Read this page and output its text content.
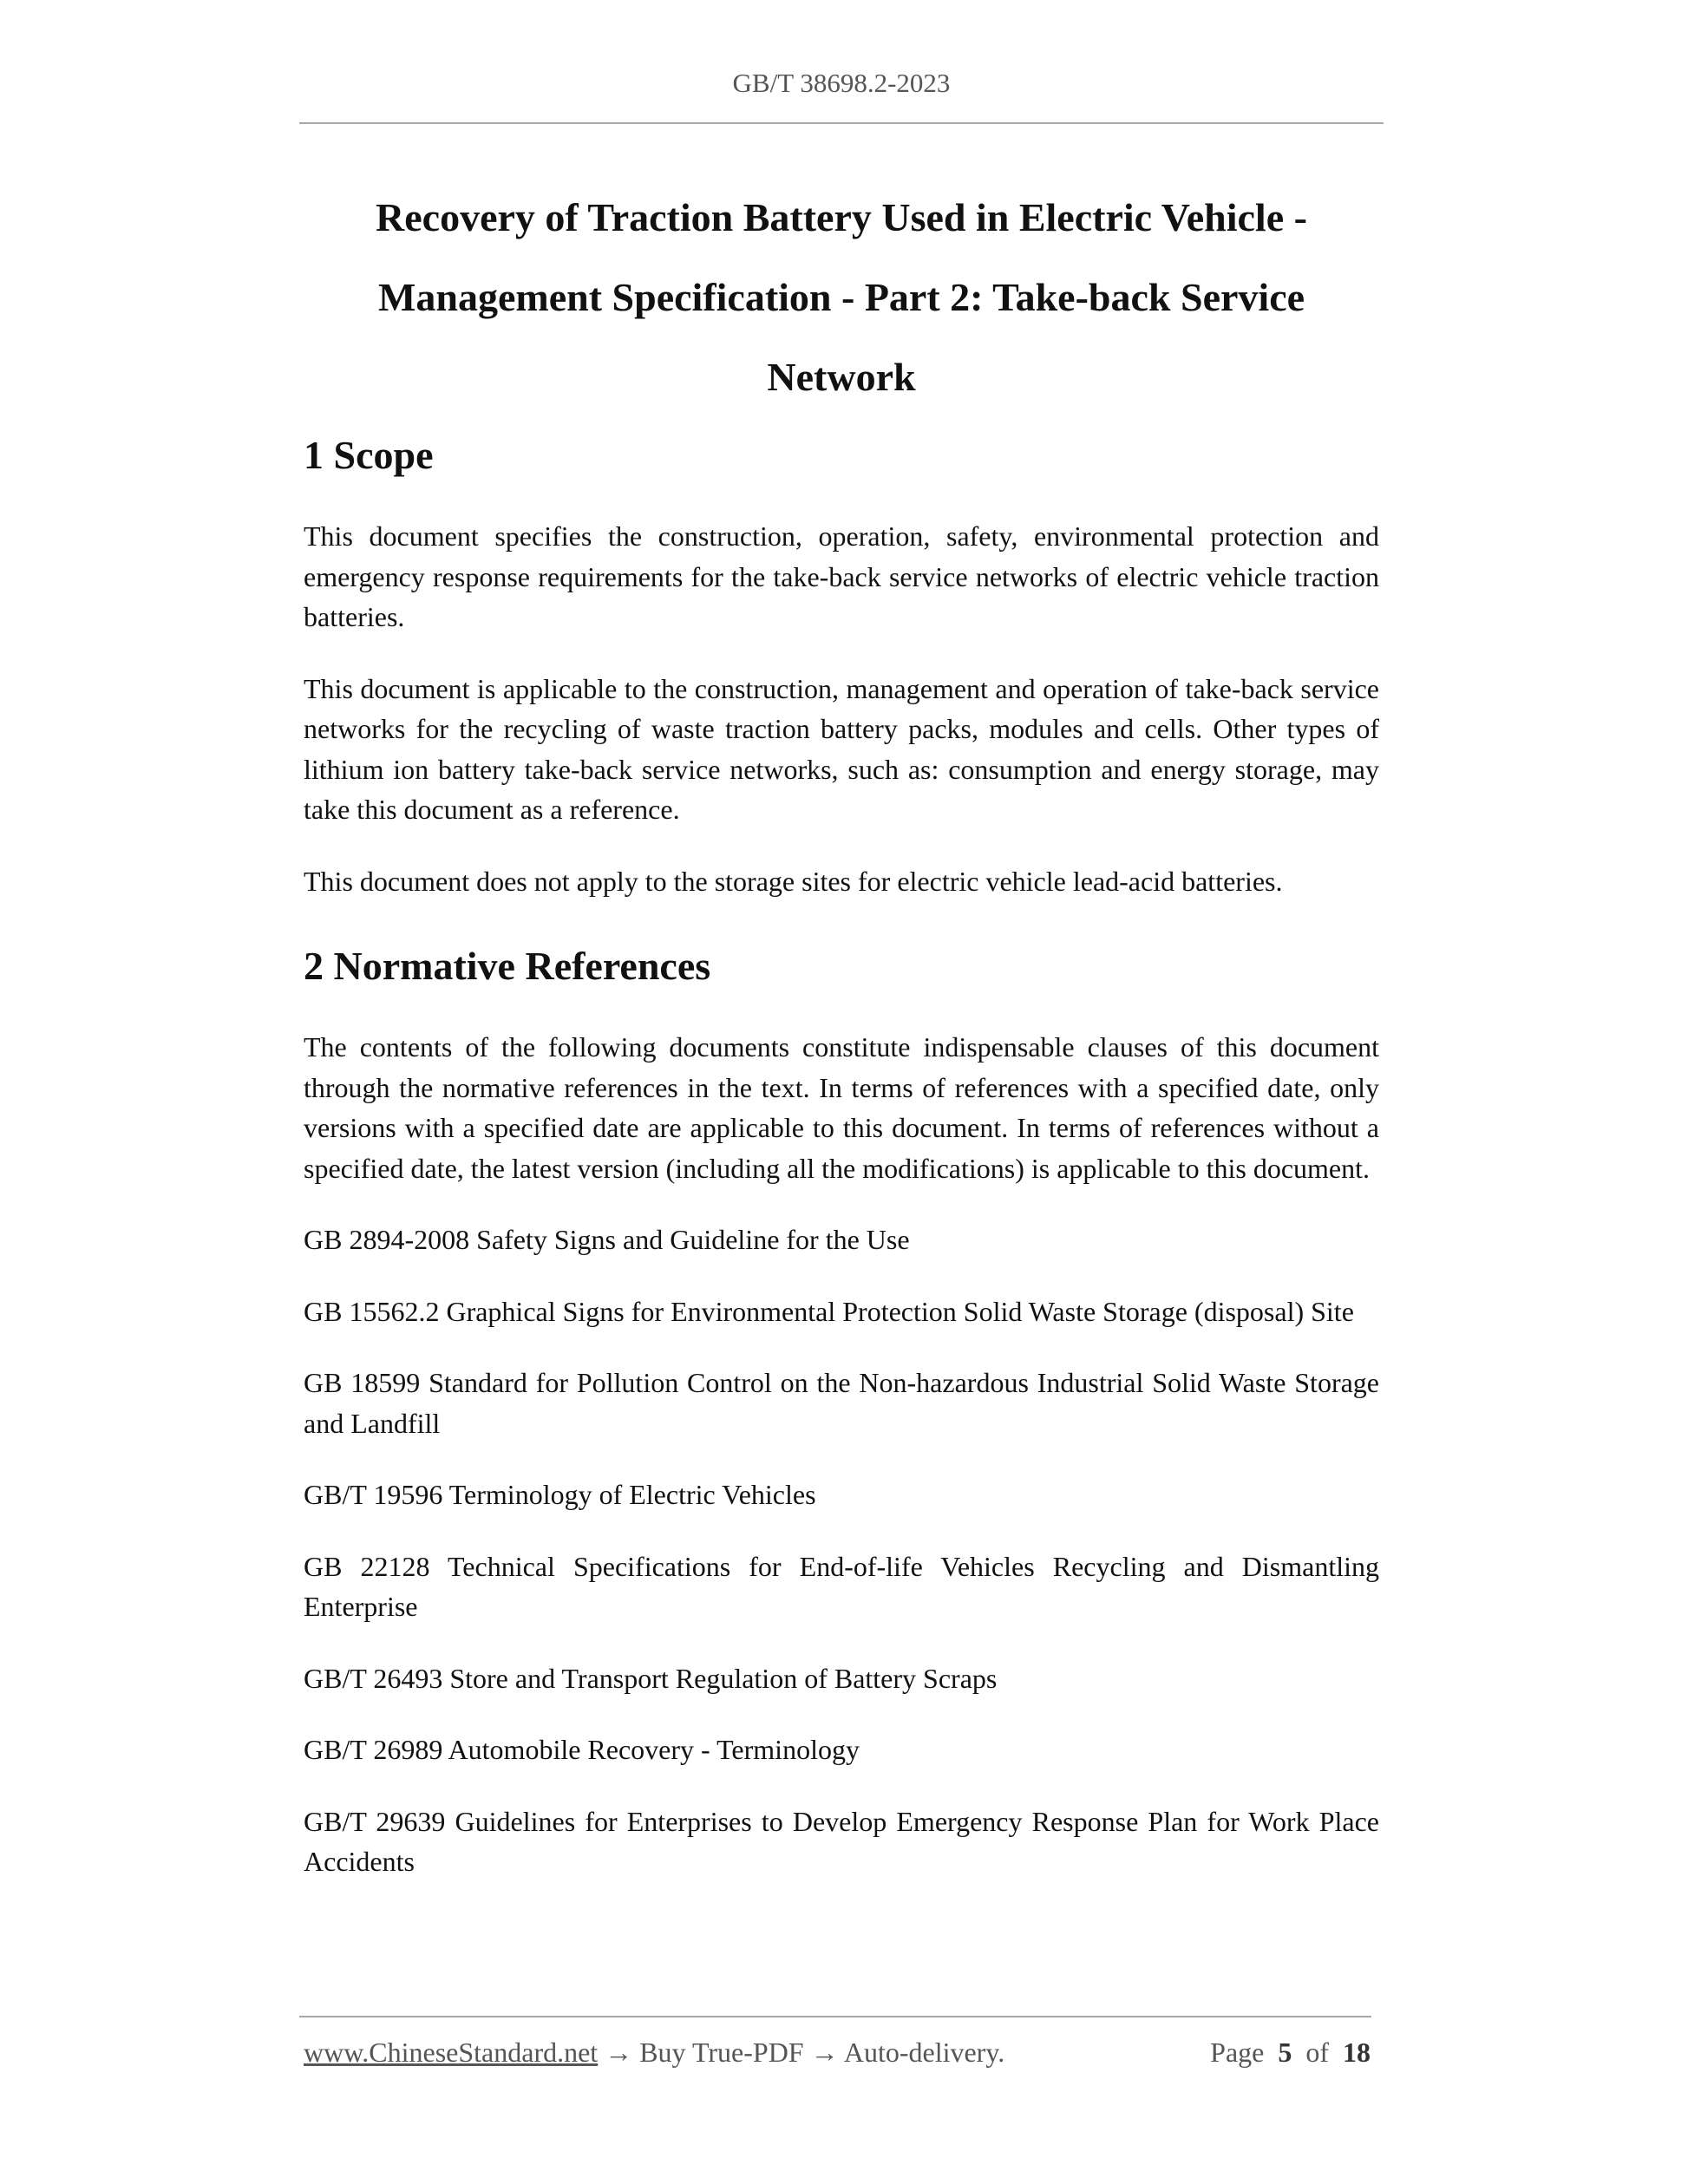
GB/T 38698.2-2023
Recovery of Traction Battery Used in Electric Vehicle -
Management Specification - Part 2: Take-back Service
Network
1 Scope

This document specifies the construction, operation, safety, environmental protection and emergency response requirements for the take-back service networks of electric vehicle traction batteries.

This document is applicable to the construction, management and operation of take-back service networks for the recycling of waste traction battery packs, modules and cells. Other types of lithium ion battery take-back service networks, such as: consumption and energy storage, may take this document as a reference.

This document does not apply to the storage sites for electric vehicle lead-acid batteries.

2 Normative References

The contents of the following documents constitute indispensable clauses of this document through the normative references in the text. In terms of references with a specified date, only versions with a specified date are applicable to this document. In terms of references without a specified date, the latest version (including all the modifications) is applicable to this document.

GB 2894-2008 Safety Signs and Guideline for the Use

GB 15562.2 Graphical Signs for Environmental Protection Solid Waste Storage (disposal) Site

GB 18599 Standard for Pollution Control on the Non-hazardous Industrial Solid Waste Storage and Landfill

GB/T 19596 Terminology of Electric Vehicles

GB 22128 Technical Specifications for End-of-life Vehicles Recycling and Dismantling Enterprise

GB/T 26493 Store and Transport Regulation of Battery Scraps

GB/T 26989 Automobile Recovery - Terminology

GB/T 29639 Guidelines for Enterprises to Develop Emergency Response Plan for Work Place Accidents

www.ChineseStandard.net → Buy True-PDF → Auto-delivery.	Page 5 of 18
